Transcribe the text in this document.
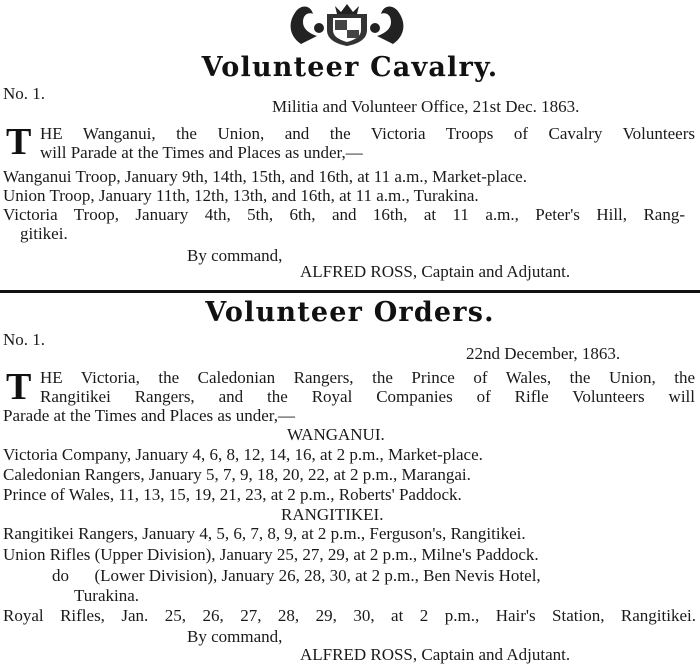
Volunteer Cavalry.
No. 1.
Militia and Volunteer Office, 21st Dec. 1863.
T HE Wanganui, the Union, and the Victoria Troops of Cavalry Volunteers
will Parade at the Times and Places as under,—
Wanganui Troop, January 9th, 14th, 15th, and 16th, at 11 a.m., Market-place.
Union Troop, January 11th, 12th, 13th, and 16th, at 11 a.m., Turakina.
Victoria Troop, January 4th, 5th, 6th, and 16th, at 11 a.m., Peter's Hill, Rang-
gitikei.
By command,
ALFRED ROSS, Captain and Adjutant.
Volunteer Orders.
No. 1.
22nd December, 1863.
T HE Victoria, the Caledonian Rangers, the Prince of Wales, the Union, the
Rangitikei Rangers, and the Royal Companies of Rifle Volunteers will
Parade at the Times and Places as under,—
WANGANUI.
Victoria Company, January 4, 6, 8, 12, 14, 16, at 2 p.m., Market-place.
Caledonian Rangers, January 5, 7, 9, 18, 20, 22, at 2 p.m., Marangai.
Prince of Wales, 11, 13, 15, 19, 21, 23, at 2 p.m., Roberts' Paddock.
RANGITIKEI.
Rangitikei Rangers, January 4, 5, 6, 7, 8, 9, at 2 p.m., Ferguson's, Rangitikei.
Union Rifles (Upper Division), January 25, 27, 29, at 2 p.m., Milne's Paddock.
do      (Lower Division), January 26, 28, 30, at 2 p.m., Ben Nevis Hotel,
Turakina.
Royal Rifles, Jan. 25, 26, 27, 28, 29, 30, at 2 p.m., Hair's Station, Rangitikei.
By command,
ALFRED ROSS, Captain and Adjutant.
